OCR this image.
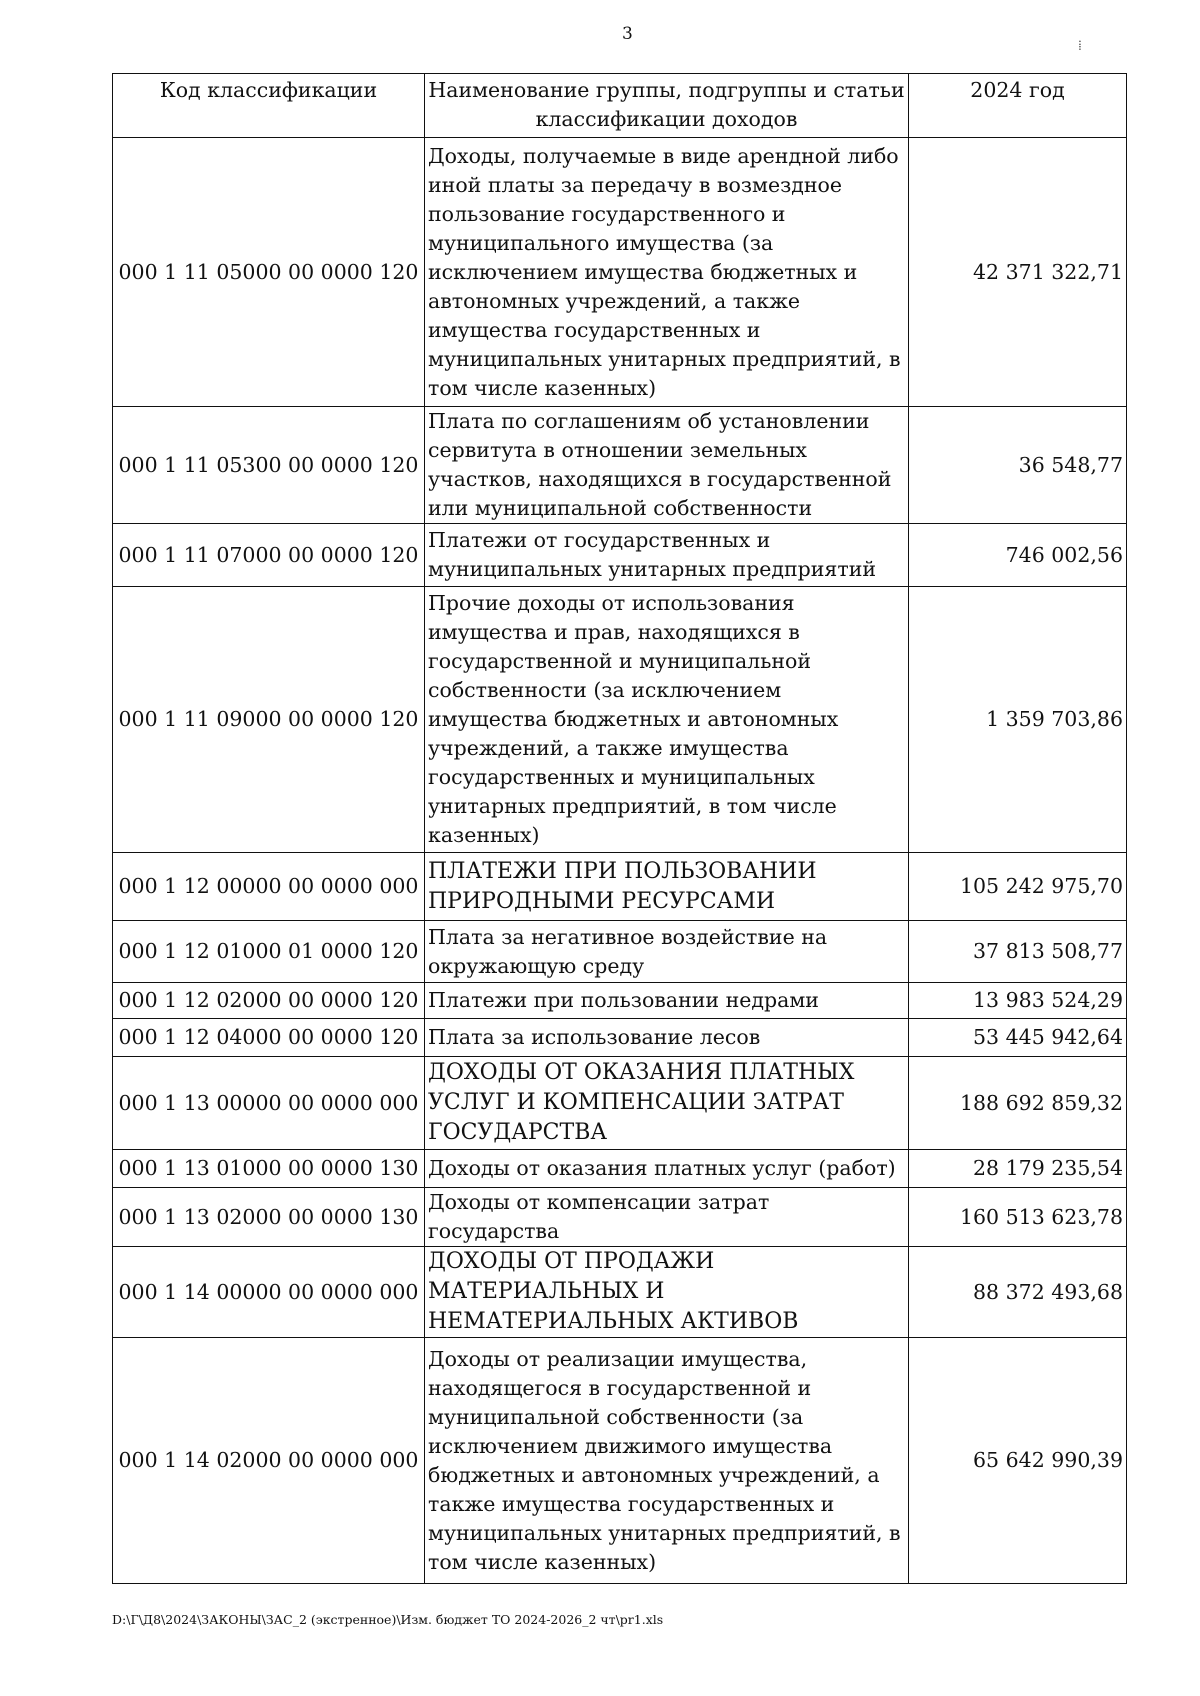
3
⁞
Код классификации	Наименование группы, подгруппы и статьи классификации доходов	2024 год
000 1 11 05000 00 0000 120	Доходы, получаемые в виде арендной либо иной платы за передачу в возмездное пользование государственного и муниципального имущества (за исключением имущества бюджетных и автономных учреждений, а также имущества государственных и муниципальных унитарных предприятий, в том числе казенных)	42 371 322,71
000 1 11 05300 00 0000 120	Плата по соглашениям об установлении сервитута в отношении земельных участков, находящихся в государственной или муниципальной собственности	36 548,77
000 1 11 07000 00 0000 120	Платежи от государственных и муниципальных унитарных предприятий	746 002,56
000 1 11 09000 00 0000 120	Прочие доходы от использования имущества и прав, находящихся в государственной и муниципальной собственности (за исключением имущества бюджетных и автономных учреждений, а также имущества государственных и муниципальных унитарных предприятий, в том числе казенных)	1 359 703,86
000 1 12 00000 00 0000 000	ПЛАТЕЖИ ПРИ ПОЛЬЗОВАНИИ ПРИРОДНЫМИ РЕСУРСАМИ	105 242 975,70
000 1 12 01000 01 0000 120	Плата за негативное воздействие на окружающую среду	37 813 508,77
000 1 12 02000 00 0000 120	Платежи при пользовании недрами	13 983 524,29
000 1 12 04000 00 0000 120	Плата за использование лесов	53 445 942,64
000 1 13 00000 00 0000 000	ДОХОДЫ ОТ ОКАЗАНИЯ ПЛАТНЫХ УСЛУГ И КОМПЕНСАЦИИ ЗАТРАТ ГОСУДАРСТВА	188 692 859,32
000 1 13 01000 00 0000 130	Доходы от оказания платных услуг (работ)	28 179 235,54
000 1 13 02000 00 0000 130	Доходы от компенсации затрат государства	160 513 623,78
000 1 14 00000 00 0000 000	ДОХОДЫ ОТ ПРОДАЖИ МАТЕРИАЛЬНЫХ И НЕМАТЕРИАЛЬНЫХ АКТИВОВ	88 372 493,68
000 1 14 02000 00 0000 000	Доходы от реализации имущества, находящегося в государственной и муниципальной собственности (за исключением движимого имущества бюджетных и автономных учреждений, а также имущества государственных и муниципальных унитарных предприятий, в том числе казенных)	65 642 990,39
D:\Г\Д8\2024\ЗАКОНЫ\ЗАС_2 (экстренное)\Изм. бюджет ТО 2024-2026_2 чт\pr1.xls
